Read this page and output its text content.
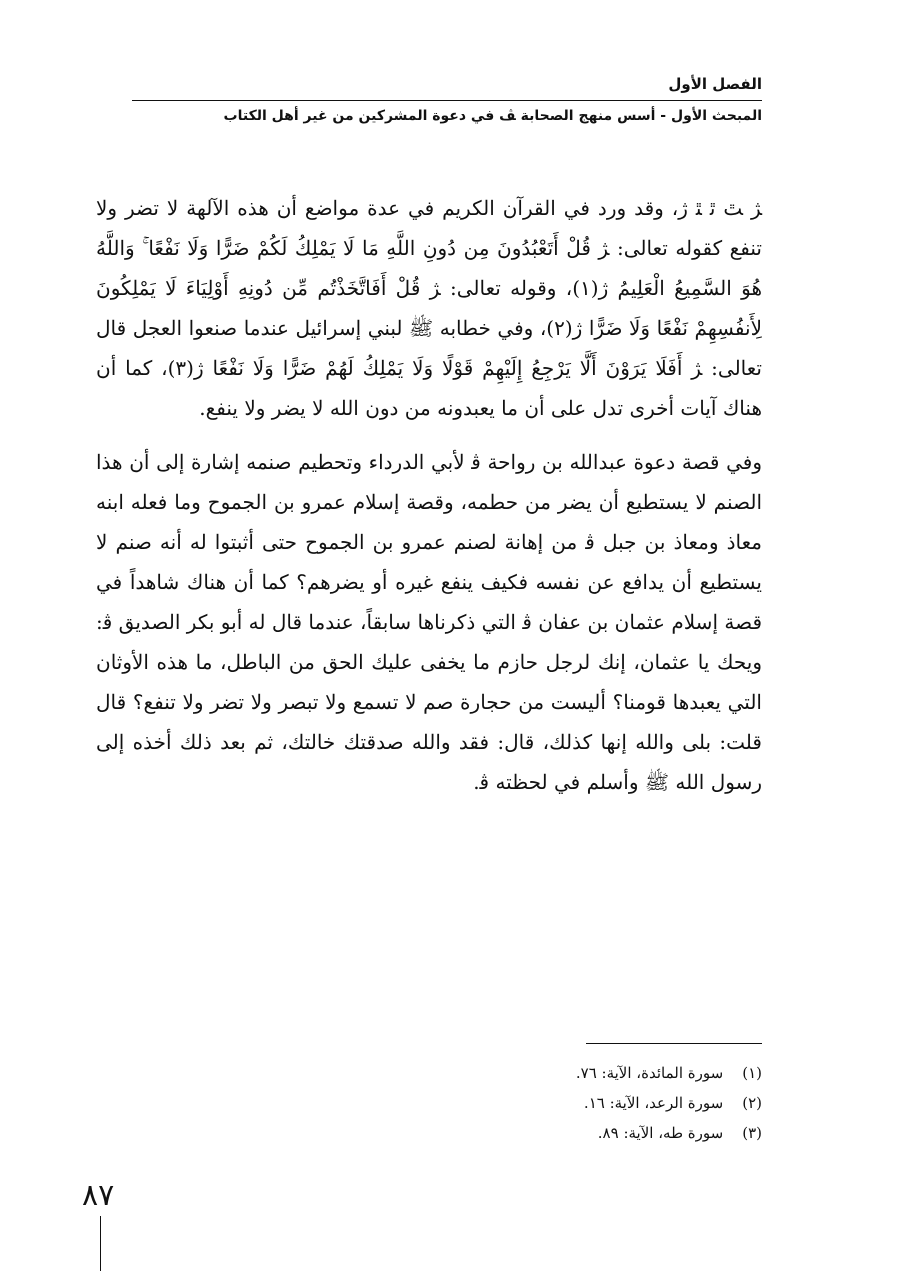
الفصل الأول
المبحث الأول - أسس منهج الصحابة ﭫ في دعوة المشركين من غير أهل الكتاب

ﮋ ﭣ ﭤ ﭥ ﮊ، وقد ورد في القرآن الكريم في عدة مواضع أن هذه الآلهة لا تضر ولا تنفع كقوله تعالى: ﮋ قُلْ أَتَعْبُدُونَ مِن دُونِ اللَّهِ مَا لَا يَمْلِكُ لَكُمْ ضَرًّا وَلَا نَفْعًا ۚ وَاللَّهُ هُوَ السَّمِيعُ الْعَلِيمُ ﮊ(١)، وقوله تعالى: ﮋ قُلْ أَفَاتَّخَذْتُم مِّن دُونِهِ أَوْلِيَاءَ لَا يَمْلِكُونَ لِأَنفُسِهِمْ نَفْعًا وَلَا ضَرًّا ﮊ(٢)، وفي خطابه ﷺ لبني إسرائيل عندما صنعوا العجل قال تعالى: ﮋ أَفَلَا يَرَوْنَ أَلَّا يَرْجِعُ إِلَيْهِمْ قَوْلًا وَلَا يَمْلِكُ لَهُمْ ضَرًّا وَلَا نَفْعًا ﮊ(٣)، كما أن هناك آيات أخرى تدل على أن ما يعبدونه من دون الله لا يضر ولا ينفع.

وفي قصة دعوة عبدالله بن رواحة ﭬ لأبي الدرداء وتحطيم صنمه إشارة إلى أن هذا الصنم لا يستطيع أن يضر من حطمه، وقصة إسلام عمرو بن الجموح وما فعله ابنه معاذ ومعاذ بن جبل ﭬ من إهانة لصنم عمرو بن الجموح حتى أثبتوا له أنه صنم لا يستطيع أن يدافع عن نفسه فكيف ينفع غيره أو يضرهم؟ كما أن هناك شاهداً في قصة إسلام عثمان بن عفان ﭬ التي ذكرناها سابقاً، عندما قال له أبو بكر الصديق ﭬ: ويحك يا عثمان، إنك لرجل حازم ما يخفى عليك الحق من الباطل، ما هذه الأوثان التي يعبدها قومنا؟ أليست من حجارة صم لا تسمع ولا تبصر ولا تضر ولا تنفع؟ قال قلت: بلى والله إنها كذلك، قال: فقد والله صدقتك خالتك، ثم بعد ذلك أخذه إلى رسول الله ﷺ وأسلم في لحظته ﭬ.

(١) سورة المائدة، الآية: ٧٦.
(٢) سورة الرعد، الآية: ١٦.
(٣) سورة طه، الآية: ٨٩.
٨٧
